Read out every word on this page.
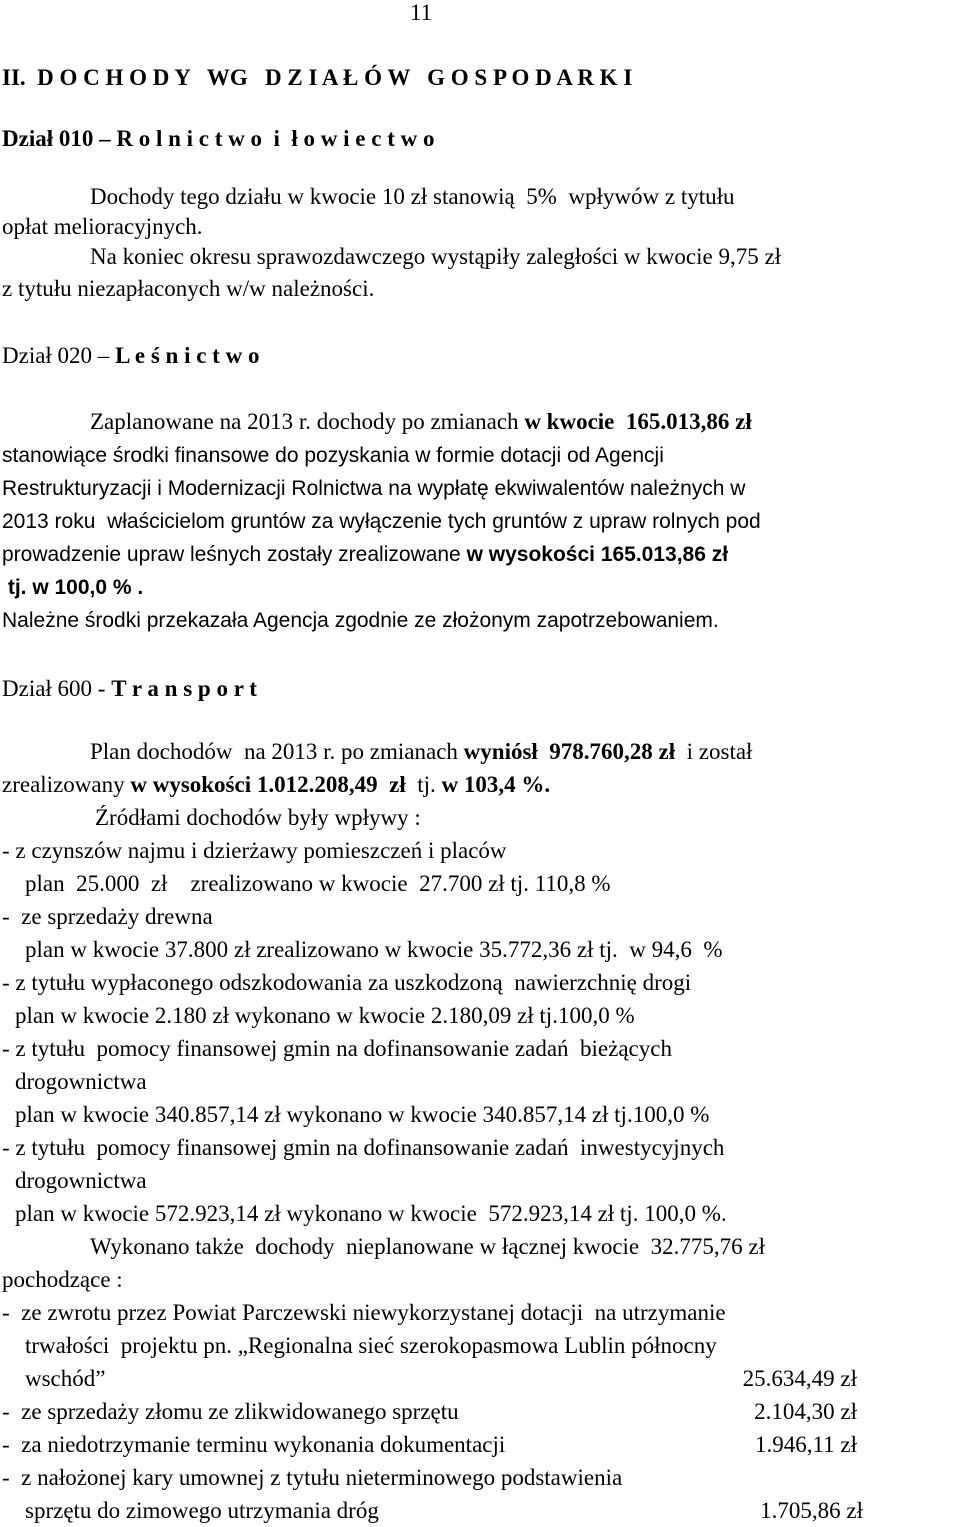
11
II.  D O C H O D Y   WG   D Z I A Ł Ó W   G O S P O D A R K I
Dział 010 – R o l n i c t w o  i  ł o w i e c t w o
Dochody tego działu w kwocie 10 zł stanowią  5%  wpływów z tytułu
opłat melioracyjnych.
Na koniec okresu sprawozdawczego wystąpiły zaległości w kwocie 9,75 zł
z tytułu niezapłaconych w/w należności.
Dział 020 – L e ś n i c t w o
Zaplanowane na 2013 r. dochody po zmianach w kwocie  165.013,86 zł
stanowiące środki finansowe do pozyskania w formie dotacji od Agencji
Restrukturyzacji i Modernizacji Rolnictwa na wypłatę ekwiwalentów należnych w
2013 roku  właścicielom gruntów za wyłączenie tych gruntów z upraw rolnych pod
prowadzenie upraw leśnych zostały zrealizowane w wysokości 165.013,86 zł
tj. w 100,0 % .
Należne środki przekazała Agencja zgodnie ze złożonym zapotrzebowaniem.
Dział 600 - T r a n s p o r t
Plan dochodów  na 2013 r. po zmianach wyniósł  978.760,28 zł  i został
zrealizowany w wysokości 1.012.208,49  zł  tj. w 103,4 %.
Źródłami dochodów były wpływy :
- z czynszów najmu i dzierżawy pomieszczeń i placów
plan  25.000  zł    zrealizowano w kwocie  27.700 zł tj. 110,8 %
-  ze sprzedaży drewna
plan w kwocie 37.800 zł zrealizowano w kwocie 35.772,36 zł tj.  w 94,6  %
- z tytułu wypłaconego odszkodowania za uszkodzoną  nawierzchnię drogi
plan w kwocie 2.180 zł wykonano w kwocie 2.180,09 zł tj.100,0 %
- z tytułu  pomocy finansowej gmin na dofinansowanie zadań  bieżących
drogownictwa
plan w kwocie 340.857,14 zł wykonano w kwocie 340.857,14 zł tj.100,0 %
- z tytułu  pomocy finansowej gmin na dofinansowanie zadań  inwestycyjnych
drogownictwa
plan w kwocie 572.923,14 zł wykonano w kwocie  572.923,14 zł tj. 100,0 %.
Wykonano także  dochody  nieplanowane w łącznej kwocie  32.775,76 zł
pochodzące :
-  ze zwrotu przez Powiat Parczewski niewykorzystanej dotacji  na utrzymanie
trwałości  projektu pn. „Regionalna sieć szerokopasmowa Lublin północny
wschód”	25.634,49 zł
-  ze sprzedaży złomu ze zlikwidowanego sprzętu	2.104,30 zł
-  za niedotrzymanie terminu wykonania dokumentacji	1.946,11 zł
-  z nałożonej kary umownej z tytułu nieterminowego podstawienia
sprzętu do zimowego utrzymania dróg	1.705,86 zł
